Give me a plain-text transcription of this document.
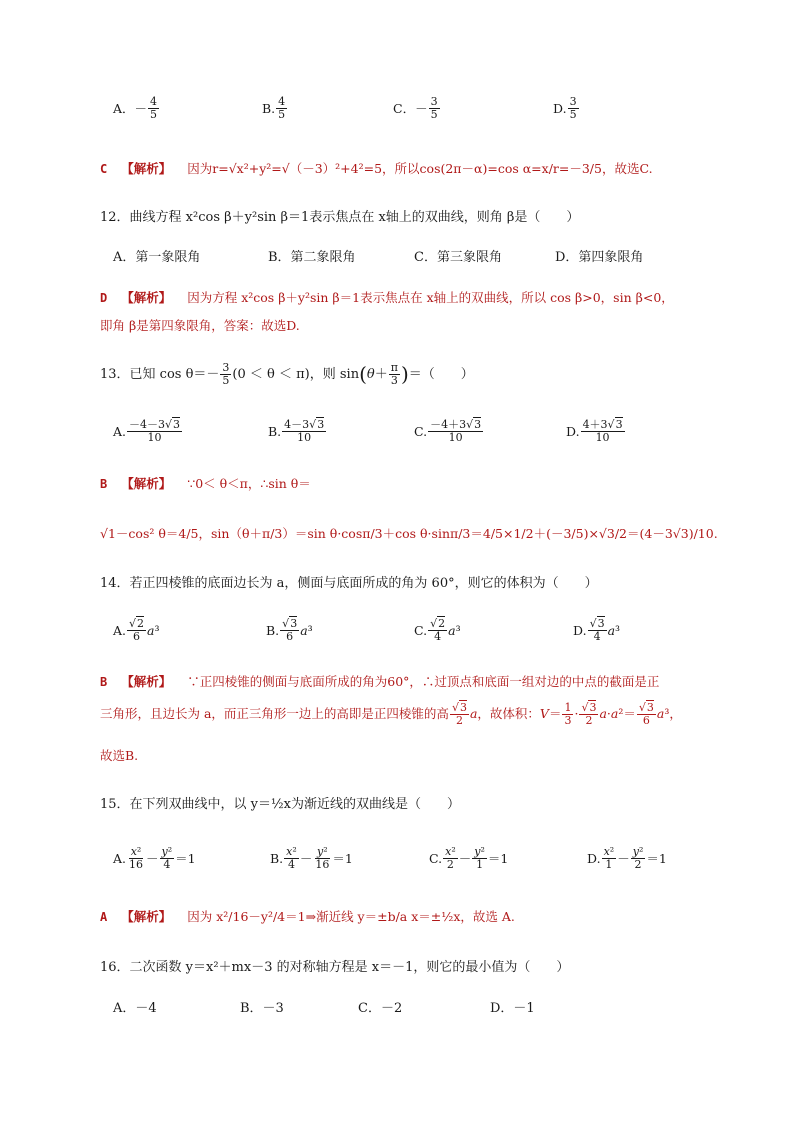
A．－ $\frac{4}{5}$	B. $\frac{4}{5}$	C．－ $\frac{3}{5}$	D. $\frac{3}{5}$
C 【解析】 因为r=√x²+y²=√（－3）²+4²=5，所以cos(2π－α)=cos α=x/r=－3/5，故选C.
12．曲线方程 x²cos β＋y²sin β＝1表示焦点在 x轴上的双曲线，则角 β是（　　）
A．第一象限角	B．第二象限角	C．第三象限角	D．第四象限角
D 【解析】 因为方程 x²cos β＋y²sin β＝1表示焦点在 x轴上的双曲线，所以 cos β>0，sin β<0，
即角 β是第四象限角，答案：故选D.
13．已知 $\cos \theta=- \frac{3}{5} (0 < \theta < \pi)$，则 sin ( $\theta+ \frac{\pi}{3}$ ) ＝（　　）
A. $\frac{-4-3√3}{10}$	B. $\frac{4-3√3}{10}$	C. $\frac{-4+3√3}{10}$	D. $\frac{4+3√3}{10}$
B 【解析】 ∵0＜ θ＜π，∴sin θ＝
√1－cos² θ＝4/5，sin（θ＋π/3）＝sin θ·cosπ/3＋cos θ·sinπ/3＝4/5×1/2＋(－3/5)×√3/2＝(4－3√3)/10.
14．若正四棱锥的底面边长为 a，侧面与底面所成的角为 60°，则它的体积为（　　）
A. $\frac{√2}{6} a^3$	B. $\frac{√3}{6} a^3$	C. $\frac{√2}{4} a^3$	D. $\frac{√3}{4} a^3$
B 【解析】 ∵正四棱锥的侧面与底面所成的角为60°，∴过顶点和底面一组对边的中点的截面是正
三角形，且边长为 a，而正三角形一边上的高即是正四棱锥的高 $\frac{√3}{2}$ a，故体积：$V= \frac{1}{3} \cdot \frac{√3}{2} a\cdot a^2= \frac{√3}{6} a^3$，
故选B.
15．在下列双曲线中，以 y＝½x为渐近线的双曲线是（　　）
A. $\frac{\text{x²}}{16} - \frac{\text{y²}}{4} =1$	B. $\frac{\text{x²}}{4} - \frac{\text{y²}}{16} =1$	C. $\frac{\text{x²}}{2} - \frac{\text{y²}}{1} =1$	D. $\frac{\text{x²}}{1} - \frac{\text{y²}}{2} =1$
A 【解析】 因为 x²/16－y²/4＝1⇒渐近线 y＝±b/a x＝±½x，故选 A.
16．二次函数 y＝x²＋mx－3 的对称轴方程是 x＝－1，则它的最小值为（　　）
A．－4	B．－3	C．－2	D．－1
